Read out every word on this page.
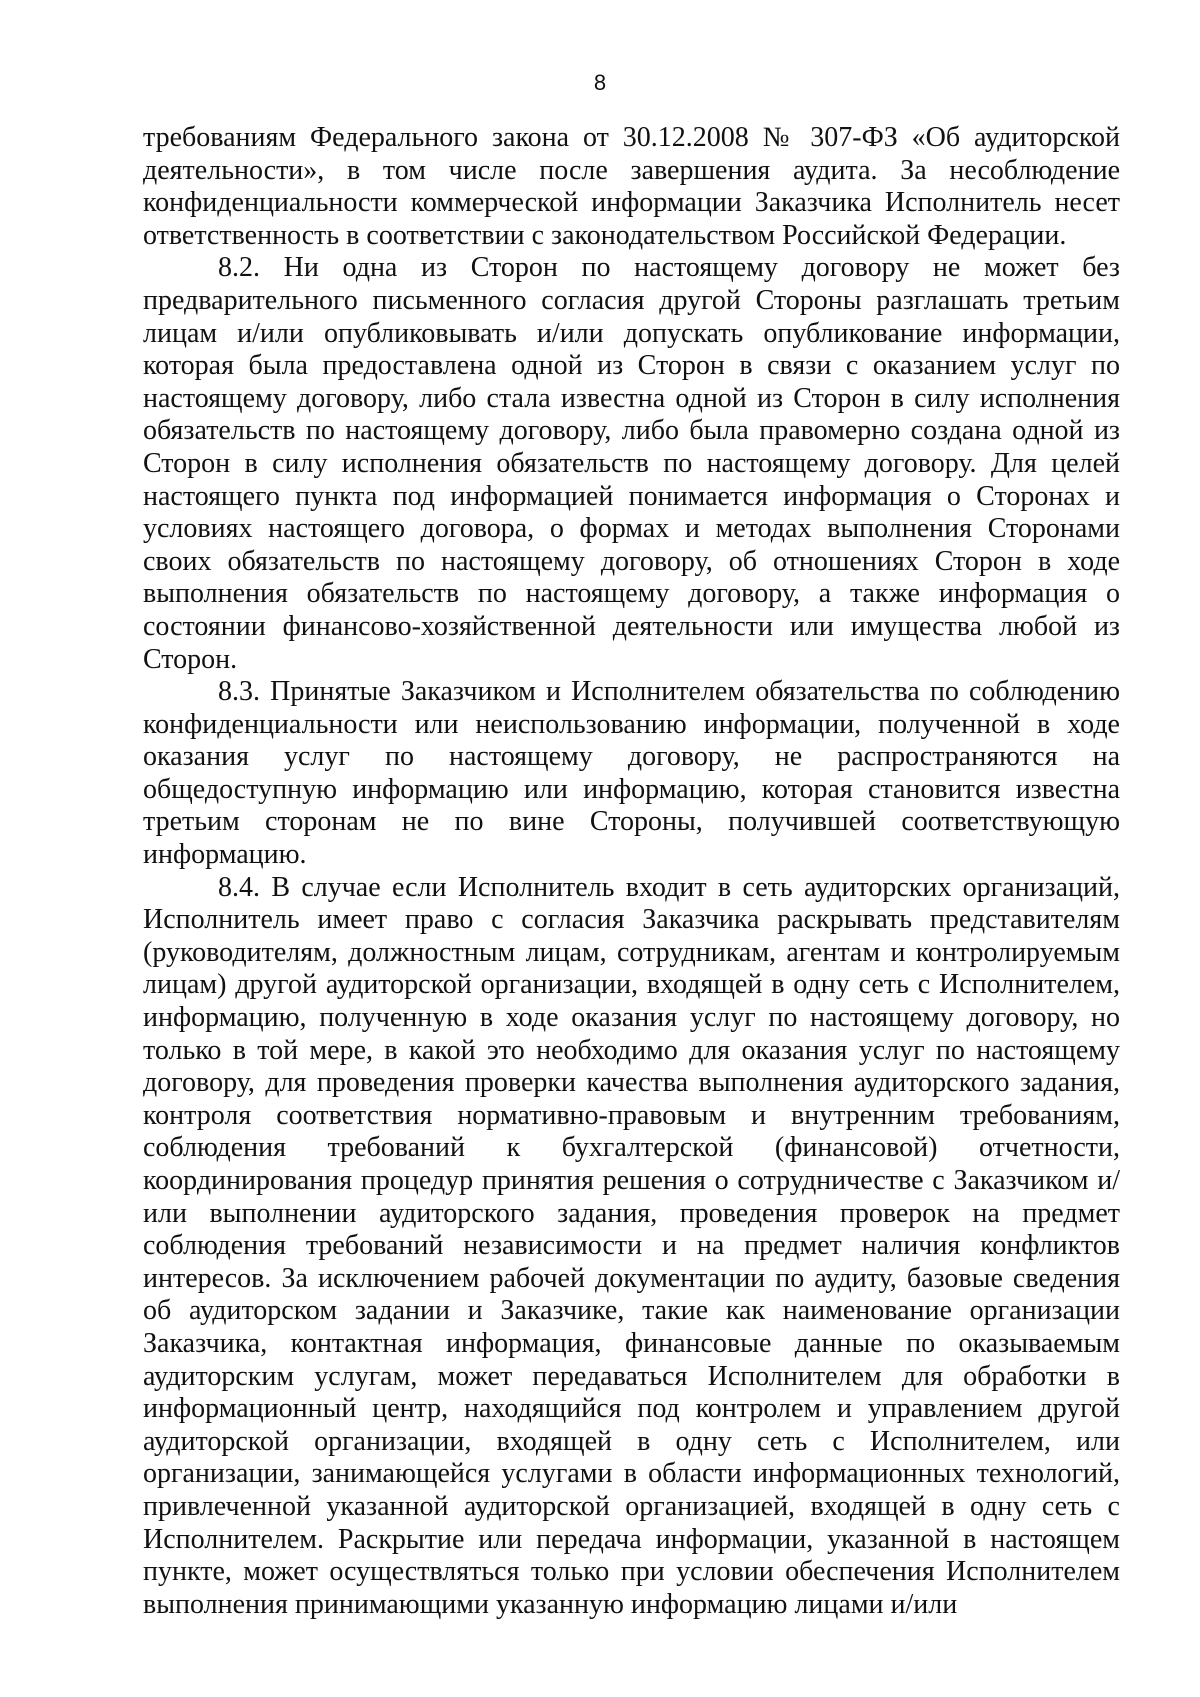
8

требованиям Федерального закона от 30.12.2008 № 307-ФЗ «Об аудиторской деятельности», в том числе после завершения аудита. За несоблюдение конфиденциальности коммерческой информации Заказчика Исполнитель несет ответственность в соответствии с законодательством Российской Федерации.

8.2. Ни одна из Сторон по настоящему договору не может без предварительного письменного согласия другой Стороны разглашать третьим лицам и/или опубликовывать и/или допускать опубликование информации, которая была предоставлена одной из Сторон в связи с оказанием услуг по настоящему договору, либо стала известна одной из Сторон в силу исполнения обязательств по настоящему договору, либо была правомерно создана одной из Сторон в силу исполнения обязательств по настоящему договору. Для целей настоящего пункта под информацией понимается информация о Сторонах и условиях настоящего договора, о формах и методах выполнения Сторонами своих обязательств по настоящему договору, об отношениях Сторон в ходе выполнения обязательств по настоящему договору, а также информация о состоянии финансово-хозяйственной деятельности или имущества любой из Сторон.

8.3. Принятые Заказчиком и Исполнителем обязательства по соблюдению конфиденциальности или неиспользованию информации, полученной в ходе оказания услуг по настоящему договору, не распространяются на общедоступную информацию или информацию, которая становится известна третьим сторонам не по вине Стороны, получившей соответствующую информацию.

8.4. В случае если Исполнитель входит в сеть аудиторских организаций, Исполнитель имеет право с согласия Заказчика раскрывать представителям (руководителям, должностным лицам, сотрудникам, агентам и контролируемым лицам) другой аудиторской организации, входящей в одну сеть с Исполнителем, информацию, полученную в ходе оказания услуг по настоящему договору, но только в той мере, в какой это необходимо для оказания услуг по настоящему договору, для проведения проверки качества выполнения аудиторского задания, контроля соответствия нормативно-правовым и внутренним требованиям, соблюдения требований к бухгалтерской (финансовой) отчетности, координирования процедур принятия решения о сотрудничестве с Заказчиком и/или выполнении аудиторского задания, проведения проверок на предмет соблюдения требований независимости и на предмет наличия конфликтов интересов. За исключением рабочей документации по аудиту, базовые сведения об аудиторском задании и Заказчике, такие как наименование организации Заказчика, контактная информация, финансовые данные по оказываемым аудиторским услугам, может передаваться Исполнителем для обработки в информационный центр, находящийся под контролем и управлением другой аудиторской организации, входящей в одну сеть с Исполнителем, или организации, занимающейся услугами в области информационных технологий, привлеченной указанной аудиторской организацией, входящей в одну сеть с Исполнителем. Раскрытие или передача информации, указанной в настоящем пункте, может осуществляться только при условии обеспечения Исполнителем выполнения принимающими указанную информацию лицами и/или
